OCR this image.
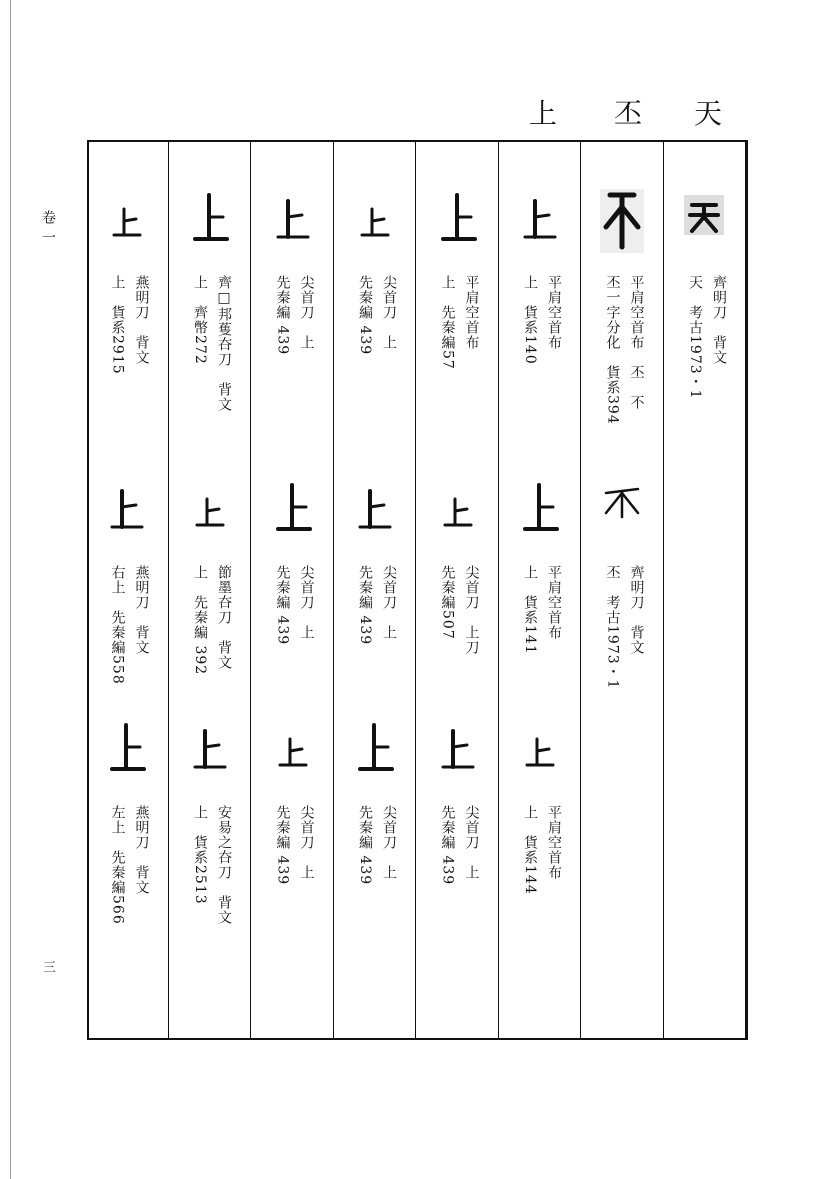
卷一
三
天
丕
上
齊明刀　背文
天　考古1973・1
平肩空首布　丕　不
丕一字分化　貨系394
齊明刀　背文
丕　考古1973・1
平肩空首布
上　貨系140
平肩空首布
上　貨系141
平肩空首布
上　貨系144
平肩空首布
上　先秦編57
尖首刀　上刀
先秦編507
尖首刀　上
先秦編 439
尖首刀　上
先秦編 439
尖首刀　上
先秦編 439
尖首刀　上
先秦編 439
尖首刀　上
先秦編 439
尖首刀　上
先秦編 439
尖首刀　上
先秦編 439
齊□邦蒦夻刀　背文
上　齊幣272
節墨夻刀　背文
上　先秦編 392
安昜之夻刀　背文
上　貨系2513
燕明刀　背文
上　貨系2915
燕明刀　背文
右上　先秦編558
燕明刀　背文
左上　先秦編566
